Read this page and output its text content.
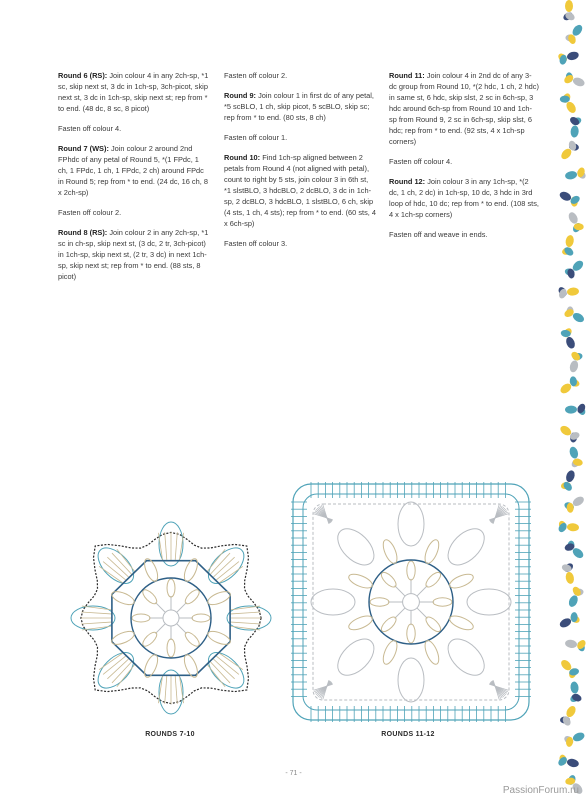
Round 6 (RS): Join colour 4 in any 2ch-sp, *1 sc, skip next st, 3 dc in 1ch-sp, 3ch-picot, skip next st, 3 dc in 1ch-sp, skip next st; rep from * to end. (48 dc, 8 sc, 8 picot)

Fasten off colour 4.

Round 7 (WS): Join colour 2 around 2nd FPhdc of any petal of Round 5, *(1 FPdc, 1 ch, 1 FPdc, 1 ch, 1 FPdc, 2 ch) around FPdc in Round 5; rep from * to end. (24 dc, 16 ch, 8 x 2ch-sp)

Fasten off colour 2.

Round 8 (RS): Join colour 2 in any 2ch-sp, *1 sc in ch-sp, skip next st, (3 dc, 2 tr, 3ch-picot) in 1ch-sp, skip next st, (2 tr, 3 dc) in next 1ch-sp, skip next st; rep from * to end. (88 sts, 8 picot)

Fasten off colour 2.

Round 9: Join colour 1 in first dc of any petal, *5 scBLO, 1 ch, skip picot, 5 scBLO, skip sc; rep from * to end. (80 sts, 8 ch)

Fasten off colour 1.

Round 10: Find 1ch-sp aligned between 2 petals from Round 4 (not aligned with petal), count to right by 5 sts, join colour 3 in 6th st, *1 slstBLO, 3 hdcBLO, 2 dcBLO, 3 dc in 1ch-sp, 2 dcBLO, 3 hdcBLO, 1 slstBLO, 6 ch, skip (4 sts, 1 ch, 4 sts); rep from * to end. (60 sts, 4 x 6ch-sp)

Fasten off colour 3.

Round 11: Join colour 4 in 2nd dc of any 3-dc group from Round 10, *(2 hdc, 1 ch, 2 hdc) in same st, 6 hdc, skip slst, 2 sc in 6ch-sp, 3 hdc around 6ch-sp from Round 10 and 1ch-sp from Round 9, 2 sc in 6ch-sp, skip slst, 6 hdc; rep from * to end. (92 sts, 4 x 1ch-sp corners)

Fasten off colour 4.

Round 12: Join colour 3 in any 1ch-sp, *(2 dc, 1 ch, 2 dc) in 1ch-sp, 10 dc, 3 hdc in 3rd loop of hdc, 10 dc; rep from * to end. (108 sts, 4 x 1ch-sp corners)

Fasten off and weave in ends.

ROUNDS 7-10	ROUNDS 11-12
- 71 -
PassionForum.ru
